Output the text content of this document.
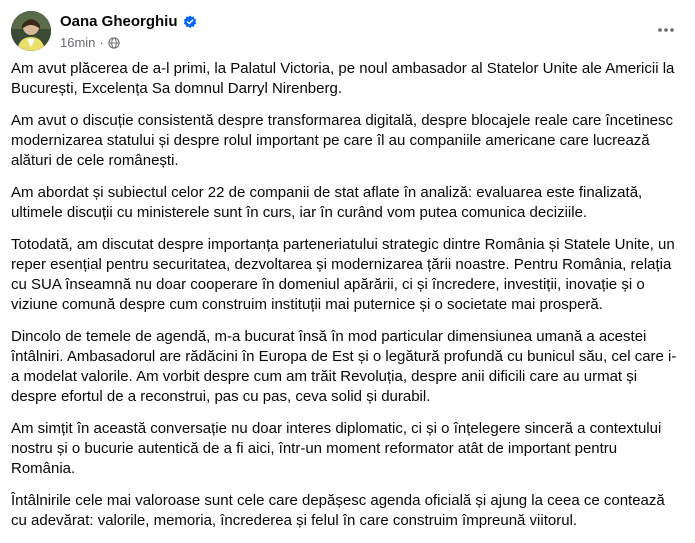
Oana Gheorghiu
16min ·

Am avut plăcerea de a-l primi, la Palatul Victoria, pe noul ambasador al Statelor Unite ale Americii la București, Excelența Sa domnul Darryl Nirenberg.

Am avut o discuție consistentă despre transformarea digitală, despre blocajele reale care încetinesc modernizarea statului și despre rolul important pe care îl au companiile americane care lucrează alături de cele românești.

Am abordat și subiectul celor 22 de companii de stat aflate în analiză: evaluarea este finalizată, ultimele discuții cu ministerele sunt în curs, iar în curând vom putea comunica deciziile.

Totodată, am discutat despre importanța parteneriatului strategic dintre România și Statele Unite, un reper esențial pentru securitatea, dezvoltarea și modernizarea țării noastre. Pentru România, relația cu SUA înseamnă nu doar cooperare în domeniul apărării, ci și încredere, investiții, inovație și o viziune comună despre cum construim instituții mai puternice și o societate mai prosperă.

Dincolo de temele de agendă, m-a bucurat însă în mod particular dimensiunea umană a acestei întâlniri. Ambasadorul are rădăcini în Europa de Est și o legătură profundă cu bunicul său, cel care i-a modelat valorile. Am vorbit despre cum am trăit Revoluția, despre anii dificili care au urmat și despre efortul de a reconstrui, pas cu pas, ceva solid și durabil.

Am simțit în această conversație nu doar interes diplomatic, ci și o înțelegere sinceră a contextului nostru și o bucurie autentică de a fi aici, într-un moment reformator atât de important pentru România.

Întâlnirile cele mai valoroase sunt cele care depășesc agenda oficială și ajung la ceea ce contează cu adevărat: valorile, memoria, încrederea și felul în care construim împreună viitorul.
